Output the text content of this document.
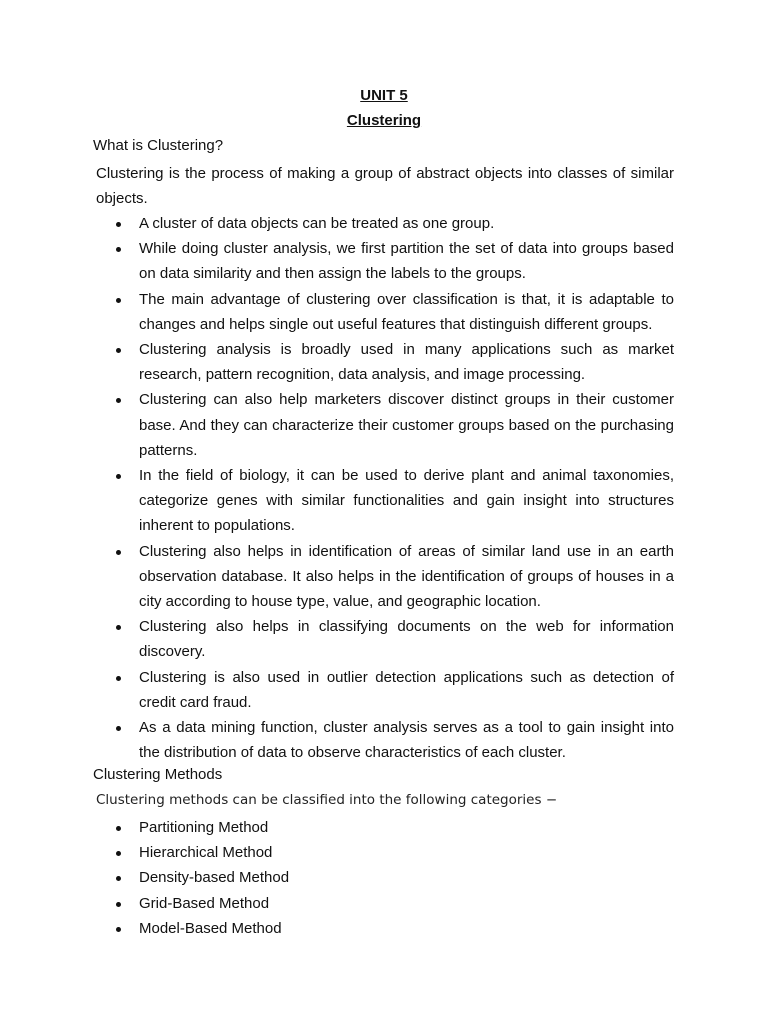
UNIT 5
Clustering
What is Clustering?
Clustering is the process of making a group of abstract objects into classes of similar objects.
A cluster of data objects can be treated as one group.
While doing cluster analysis, we first partition the set of data into groups based on data similarity and then assign the labels to the groups.
The main advantage of clustering over classification is that, it is adaptable to changes and helps single out useful features that distinguish different groups.
Clustering analysis is broadly used in many applications such as market research, pattern recognition, data analysis, and image processing.
Clustering can also help marketers discover distinct groups in their customer base. And they can characterize their customer groups based on the purchasing patterns.
In the field of biology, it can be used to derive plant and animal taxonomies, categorize genes with similar functionalities and gain insight into structures inherent to populations.
Clustering also helps in identification of areas of similar land use in an earth observation database. It also helps in the identification of groups of houses in a city according to house type, value, and geographic location.
Clustering also helps in classifying documents on the web for information discovery.
Clustering is also used in outlier detection applications such as detection of credit card fraud.
As a data mining function, cluster analysis serves as a tool to gain insight into the distribution of data to observe characteristics of each cluster.
Clustering Methods
Clustering methods can be classified into the following categories −
Partitioning Method
Hierarchical Method
Density-based Method
Grid-Based Method
Model-Based Method
